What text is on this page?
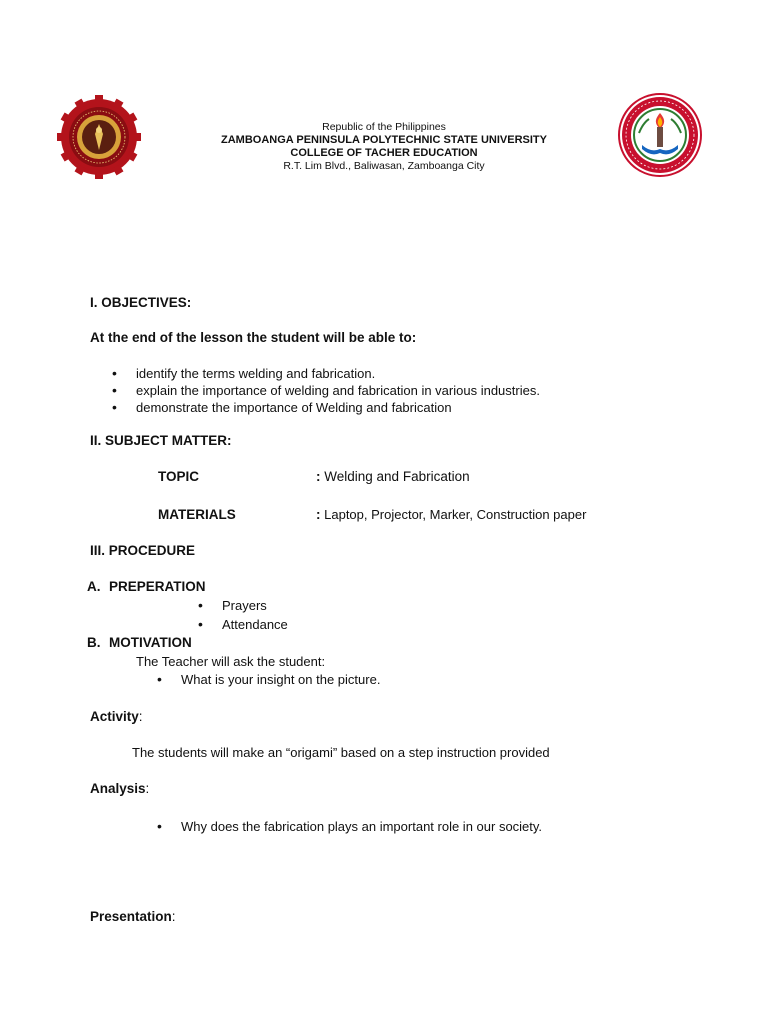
Republic of the Philippines
ZAMBOANGA PENINSULA POLYTECHNIC STATE UNIVERSITY
COLLEGE OF TACHER EDUCATION
R.T. Lim Blvd., Baliwasan, Zamboanga City
I. OBJECTIVES:
At the end of the lesson the student will be able to:
• identify the terms welding and fabrication.
• explain the importance of welding and fabrication in various industries.
• demonstrate the importance of Welding and fabrication
II. SUBJECT MATTER:
TOPIC	: Welding and Fabrication
MATERIALS	: Laptop, Projector, Marker, Construction paper
III. PROCEDURE
A. PREPERATION
• Prayers
• Attendance
B. MOTIVATION
The Teacher will ask the student:
• What is your insight on the picture.
Activity:
The students will make an “origami” based on a step instruction provided
Analysis:
• Why does the fabrication plays an important role in our society.
Presentation:
